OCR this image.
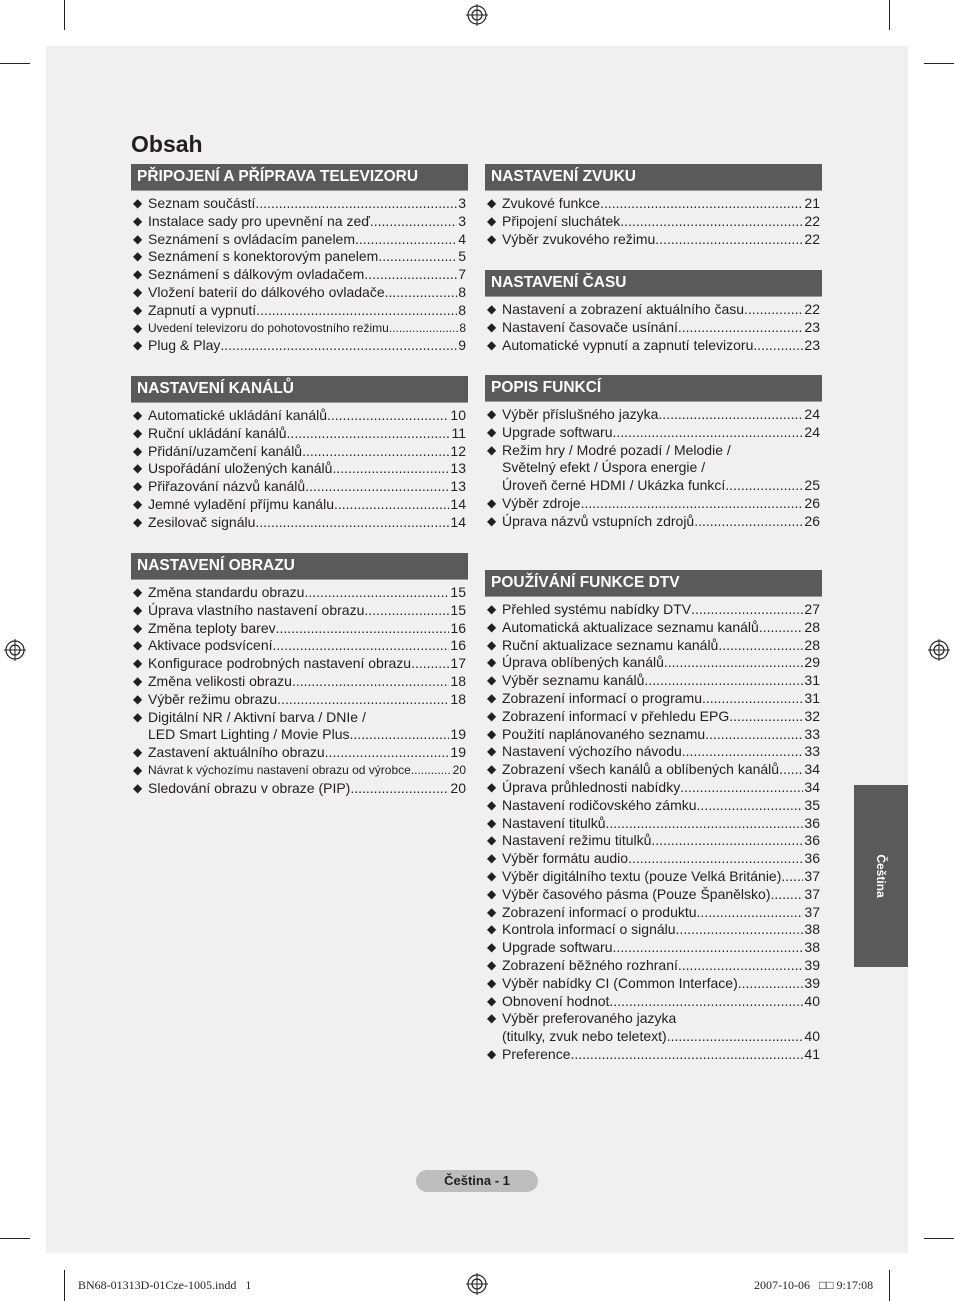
Obsah
PŘIPOJENÍ A PŘÍPRAVA TELEVIZORU
◆ Seznam součástí .....	3
◆ Instalace sady pro upevnění na zeď .....	3
◆ Seznámení s ovládacím panelem .....	4
◆ Seznámení s konektorovým panelem .....	5
◆ Seznámení s dálkovým ovladačem .....	7
◆ Vložení baterií do dálkového ovladače .....	8
◆ Zapnutí a vypnutí .....	8
◆ Uvedení televizoru do pohotovostního režimu .....	8
◆ Plug & Play .....	9
NASTAVENÍ KANÁLŮ
◆ Automatické ukládání kanálů .....	10
◆ Ruční ukládání kanálů .....	11
◆ Přidání/uzamčení kanálů .....	12
◆ Uspořádání uložených kanálů .....	13
◆ Přiřazování názvů kanálů .....	13
◆ Jemné vyladění příjmu kanálu .....	14
◆ Zesilovač signálu .....	14
NASTAVENÍ OBRAZU
◆ Změna standardu obrazu .....	15
◆ Úprava vlastního nastavení obrazu .....	15
◆ Změna teploty barev .....	16
◆ Aktivace podsvícení .....	16
◆ Konfigurace podrobných nastavení obrazu .....	17
◆ Změna velikosti obrazu .....	18
◆ Výběr režimu obrazu .....	18
◆ Digitální NR / Aktivní barva / DNIe /
LED Smart Lighting / Movie Plus .....	19
◆ Zastavení aktuálního obrazu .....	19
◆ Návrat k výchozímu nastavení obrazu od výrobce .....	20
◆ Sledování obrazu v obraze (PIP) .....	20
NASTAVENÍ ZVUKU
◆ Zvukové funkce .....	21
◆ Připojení sluchátek .....	22
◆ Výběr zvukového režimu .....	22
NASTAVENÍ ČASU
◆ Nastavení a zobrazení aktuálního času .....	22
◆ Nastavení časovače usínání .....	23
◆ Automatické vypnutí a zapnutí televizoru .....	23
POPIS FUNKCÍ
◆ Výběr příslušného jazyka .....	24
◆ Upgrade softwaru .....	24
◆ Režim hry / Modré pozadí / Melodie /
Světelný efekt / Úspora energie /
Úroveň černé HDMI / Ukázka funkcí .....	25
◆ Výběr zdroje .....	26
◆ Úprava názvů vstupních zdrojů .....	26
POUŽÍVÁNÍ FUNKCE DTV
◆ Přehled systému nabídky DTV .....	27
◆ Automatická aktualizace seznamu kanálů .....	28
◆ Ruční aktualizace seznamu kanálů .....	28
◆ Úprava oblíbených kanálů .....	29
◆ Výběr seznamu kanálů .....	31
◆ Zobrazení informací o programu .....	31
◆ Zobrazení informací v přehledu EPG .....	32
◆ Použití naplánovaného seznamu .....	33
◆ Nastavení výchozího návodu .....	33
◆ Zobrazení všech kanálů a oblíbených kanálů ..... 34
◆ Úprava průhlednosti nabídky .....	34
◆ Nastavení rodičovského zámku .....	35
◆ Nastavení titulků .....	36
◆ Nastavení režimu titulků .....	36
◆ Výběr formátu audio .....	36
◆ Výběr digitálního textu (pouze Velká Británie) ..... 37
◆ Výběr časového pásma (Pouze Španělsko) ..... 37
◆ Zobrazení informací o produktu .....	37
◆ Kontrola informací o signálu .....	38
◆ Upgrade softwaru .....	38
◆ Zobrazení běžného rozhraní .....	39
◆ Výběr nabídky CI (Common Interface) .....	39
◆ Obnovení hodnot .....	40
◆ Výběr preferovaného jazyka
(titulky, zvuk nebo teletext) .....	40
◆ Preference .....	41
Čeština
Čeština - 1
BN68-01313D-01Cze-1005.indd   1	2007-10-06   □□ 9:17:08
